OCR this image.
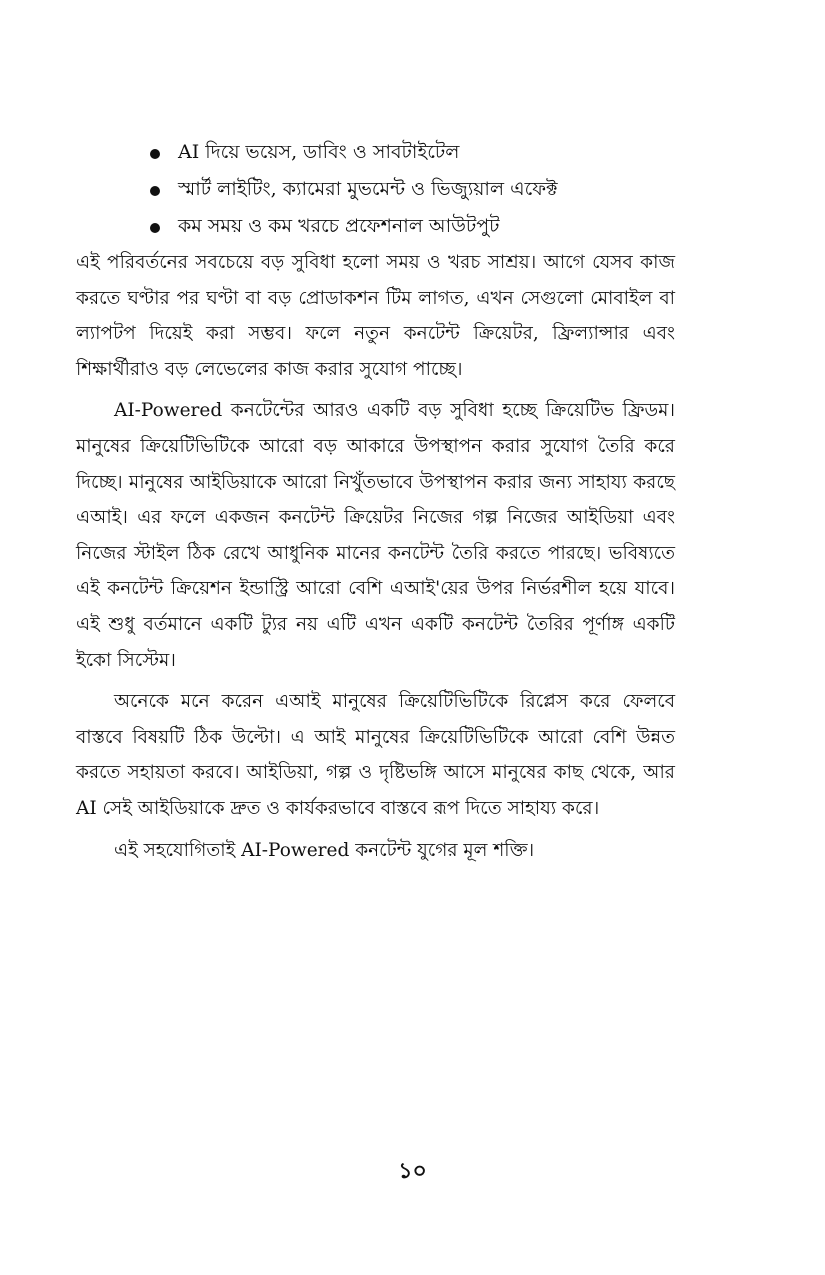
AI দিয়ে ভয়েস, ডাবিং ও সাবটাইটেল
স্মার্ট লাইটিং, ক্যামেরা মুভমেন্ট ও ভিজ্যুয়াল এফেক্ট
কম সময় ও কম খরচে প্রফেশনাল আউটপুট

এই পরিবর্তনের সবচেয়ে বড় সুবিধা হলো সময় ও খরচ সাশ্রয়। আগে যেসব কাজ করতে ঘণ্টার পর ঘণ্টা বা বড় প্রোডাকশন টিম লাগত, এখন সেগুলো মোবাইল বা ল্যাপটপ দিয়েই করা সম্ভব। ফলে নতুন কনটেন্ট ক্রিয়েটর, ফ্রিল্যান্সার এবং শিক্ষার্থীরাও বড় লেভেলের কাজ করার সুযোগ পাচ্ছে।

AI-Powered কনটেন্টের আরও একটি বড় সুবিধা হচ্ছে ক্রিয়েটিভ ফ্রিডম। মানুষের ক্রিয়েটিভিটিকে আরো বড় আকারে উপস্থাপন করার সুযোগ তৈরি করে দিচ্ছে। মানুষের আইডিয়াকে আরো নিখুঁতভাবে উপস্থাপন করার জন্য সাহায্য করছে এআই। এর ফলে একজন কনটেন্ট ক্রিয়েটর নিজের গল্প নিজের আইডিয়া এবং নিজের স্টাইল ঠিক রেখে আধুনিক মানের কনটেন্ট তৈরি করতে পারছে। ভবিষ্যতে এই কনটেন্ট ক্রিয়েশন ইন্ডাস্ট্রি আরো বেশি এআই'য়ের উপর নির্ভরশীল হয়ে যাবে। এই শুধু বর্তমানে একটি ট্যুর নয় এটি এখন একটি কনটেন্ট তৈরির পূর্ণাঙ্গ একটি ইকো সিস্টেম।

অনেকে মনে করেন এআই মানুষের ক্রিয়েটিভিটিকে রিপ্লেস করে ফেলবে বাস্তবে বিষয়টি ঠিক উল্টো। এ আই মানুষের ক্রিয়েটিভিটিকে আরো বেশি উন্নত করতে সহায়তা করবে। আইডিয়া, গল্প ও দৃষ্টিভঙ্গি আসে মানুষের কাছ থেকে, আর AI সেই আইডিয়াকে দ্রুত ও কার্যকরভাবে বাস্তবে রূপ দিতে সাহায্য করে।

এই সহযোগিতাই AI-Powered কনটেন্ট যুগের মূল শক্তি।

১০
